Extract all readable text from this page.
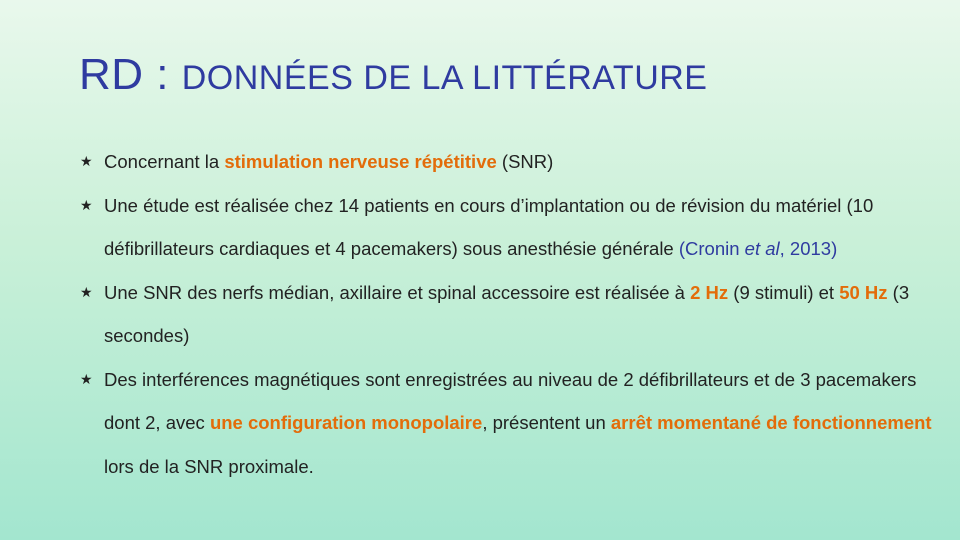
RD : DONNÉES DE LA LITTÉRATURE
★ Concernant la stimulation nerveuse répétitive (SNR)
★ Une étude est réalisée chez 14 patients en cours d’implantation ou de révision du matériel (10 défibrillateurs cardiaques et 4 pacemakers) sous anesthésie générale (Cronin et al, 2013)
★ Une SNR des nerfs médian, axillaire et spinal accessoire est réalisée à 2 Hz (9 stimuli) et 50 Hz (3 secondes)
★ Des interférences magnétiques sont enregistrées au niveau de 2 défibrillateurs et de 3 pacemakers dont 2, avec une configuration monopolaire, présentent un arrêt momentané de fonctionnement lors de la SNR proximale.
